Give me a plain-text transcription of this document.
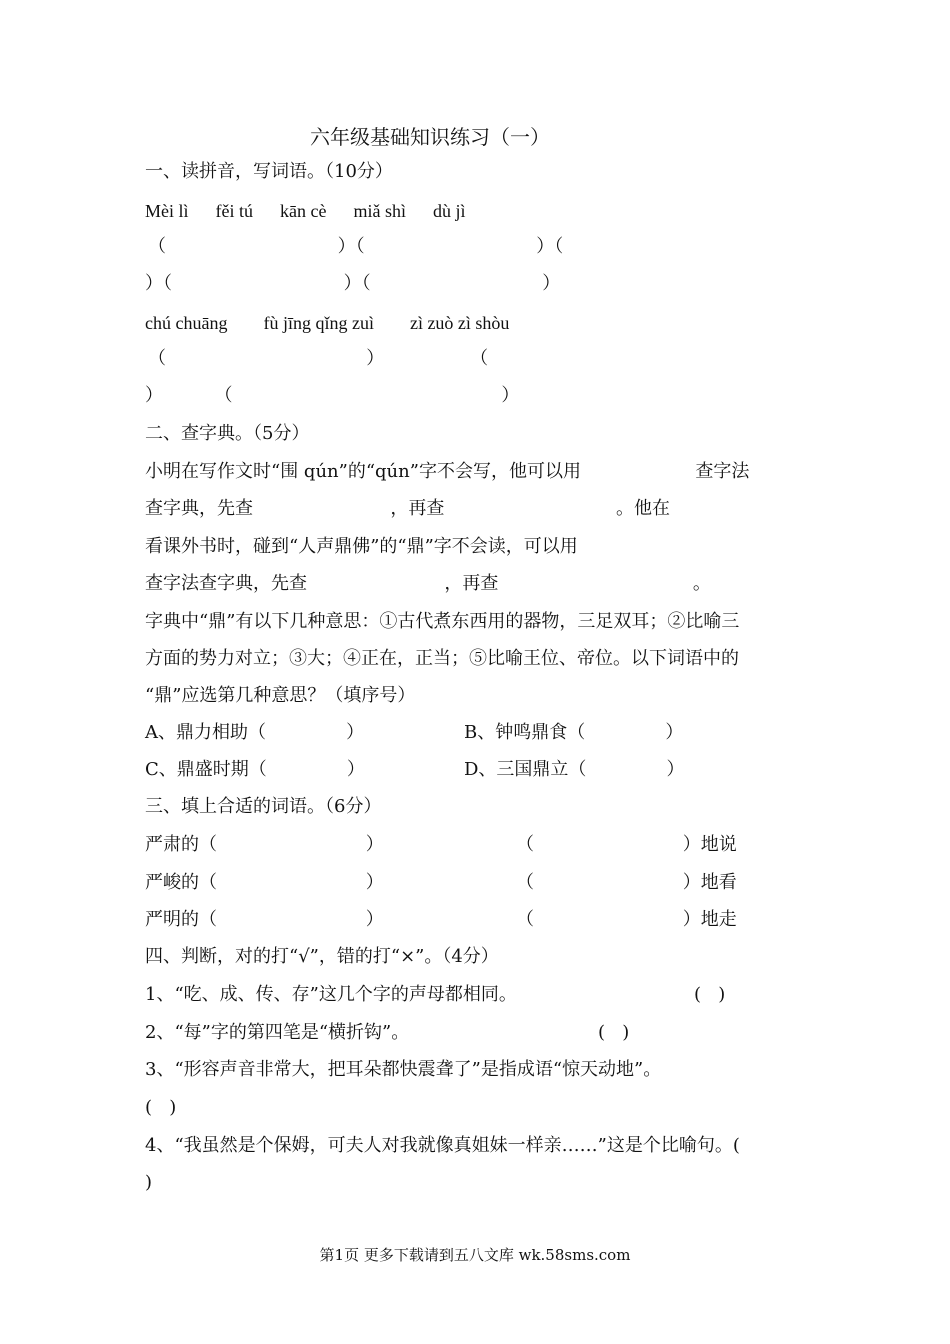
六年级基础知识练习（一）
一、读拼音，写词语。（10分）
Mèi lì      fěi tú      kān cè      miǎ shì      dù jì
（                              ）（                              ）（
）（                              ）（                              ）
chú chuāng        fù jīng qǐng zuì        zì zuò zì shòu
（                                   ）               （
）         （                                               ）
二、查字典。（5分）
小明在写作文时“围 qún”的“qún”字不会写，他可以用                    查字法
查字典，先查                        ，再查                              。他在
看课外书时，碰到“人声鼎佛”的“鼎”字不会读，可以用
查字法查字典，先查                        ，再查                                  。
字典中“鼎”有以下几种意思：①古代煮东西用的器物，三足双耳；②比喻三
方面的势力对立；③大；④正在，正当；⑤比喻王位、帝位。以下词语中的
“鼎”应选第几种意思？（填序号）
A、鼎力相助（              ）	B、钟鸣鼎食（              ）
C、鼎盛时期（              ）	D、三国鼎立（              ）
三、填上合适的词语。（6分）
严肃的（                          ）	（                          ）地说
严峻的（                          ）	（                          ）地看
严明的（                          ）	（                          ）地走
四、判断，对的打“√”，错的打“×”。（4分）
1、“吃、成、传、存”这几个字的声母都相同。	(   )
2、“每”字的第四笔是“横折钩”。	(   )
3、“形容声音非常大，把耳朵都快震聋了”是指成语“惊天动地”。
(   )
4、“我虽然是个保姆，可夫人对我就像真姐妹一样亲……”这是个比喻句。(
)
第1页 更多下载请到五八文库 wk.58sms.com
